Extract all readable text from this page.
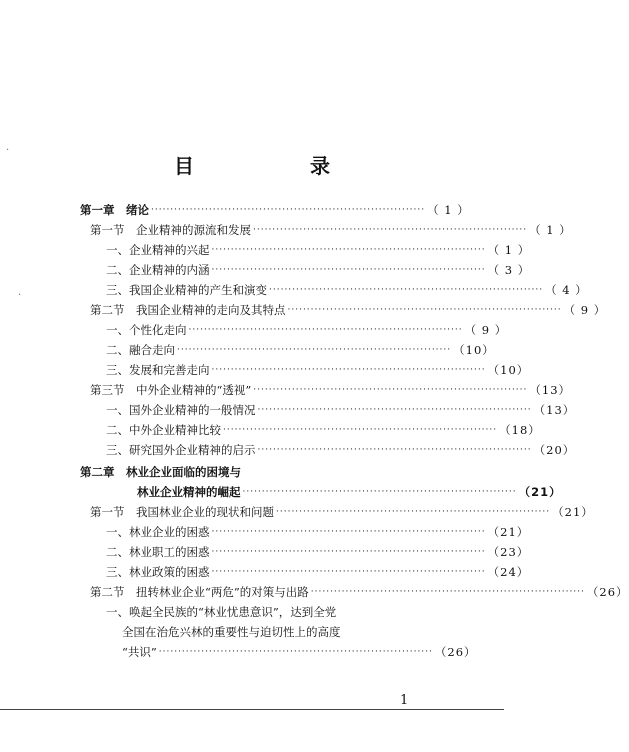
目　录
第一章　绪论 ······································································· （ 1 ）
第一节　企业精神的源流和发展 ······································································· （ 1 ）
一、企业精神的兴起 ······································································· （ 1 ）
二、企业精神的内涵 ······································································· （ 3 ）
三、我国企业精神的产生和演变 ······································································· （ 4 ）
第二节　我国企业精神的走向及其特点 ······································································· （ 9 ）
一、个性化走向 ······································································· （ 9 ）
二、融合走向 ······································································· （10）
三、发展和完善走向 ······································································· （10）
第三节　中外企业精神的“透视” ······································································· （13）
一、国外企业精神的一般情况 ······································································· （13）
二、中外企业精神比较 ······································································· （18）
三、研究国外企业精神的启示 ······································································· （20）
第二章　林业企业面临的困境与
林业企业精神的崛起 ······································································· （21）
第一节　我国林业企业的现状和问题 ······································································· （21）
一、林业企业的困惑 ······································································· （21）
二、林业职工的困惑 ······································································· （23）
三、林业政策的困惑 ······································································· （24）
第二节　扭转林业企业“两危”的对策与出路 ······································································· （26）
一、唤起全民族的“林业忧患意识”，达到全党
全国在治危兴林的重要性与迫切性上的高度
“共识” ······································································· （26）
1
·
·
